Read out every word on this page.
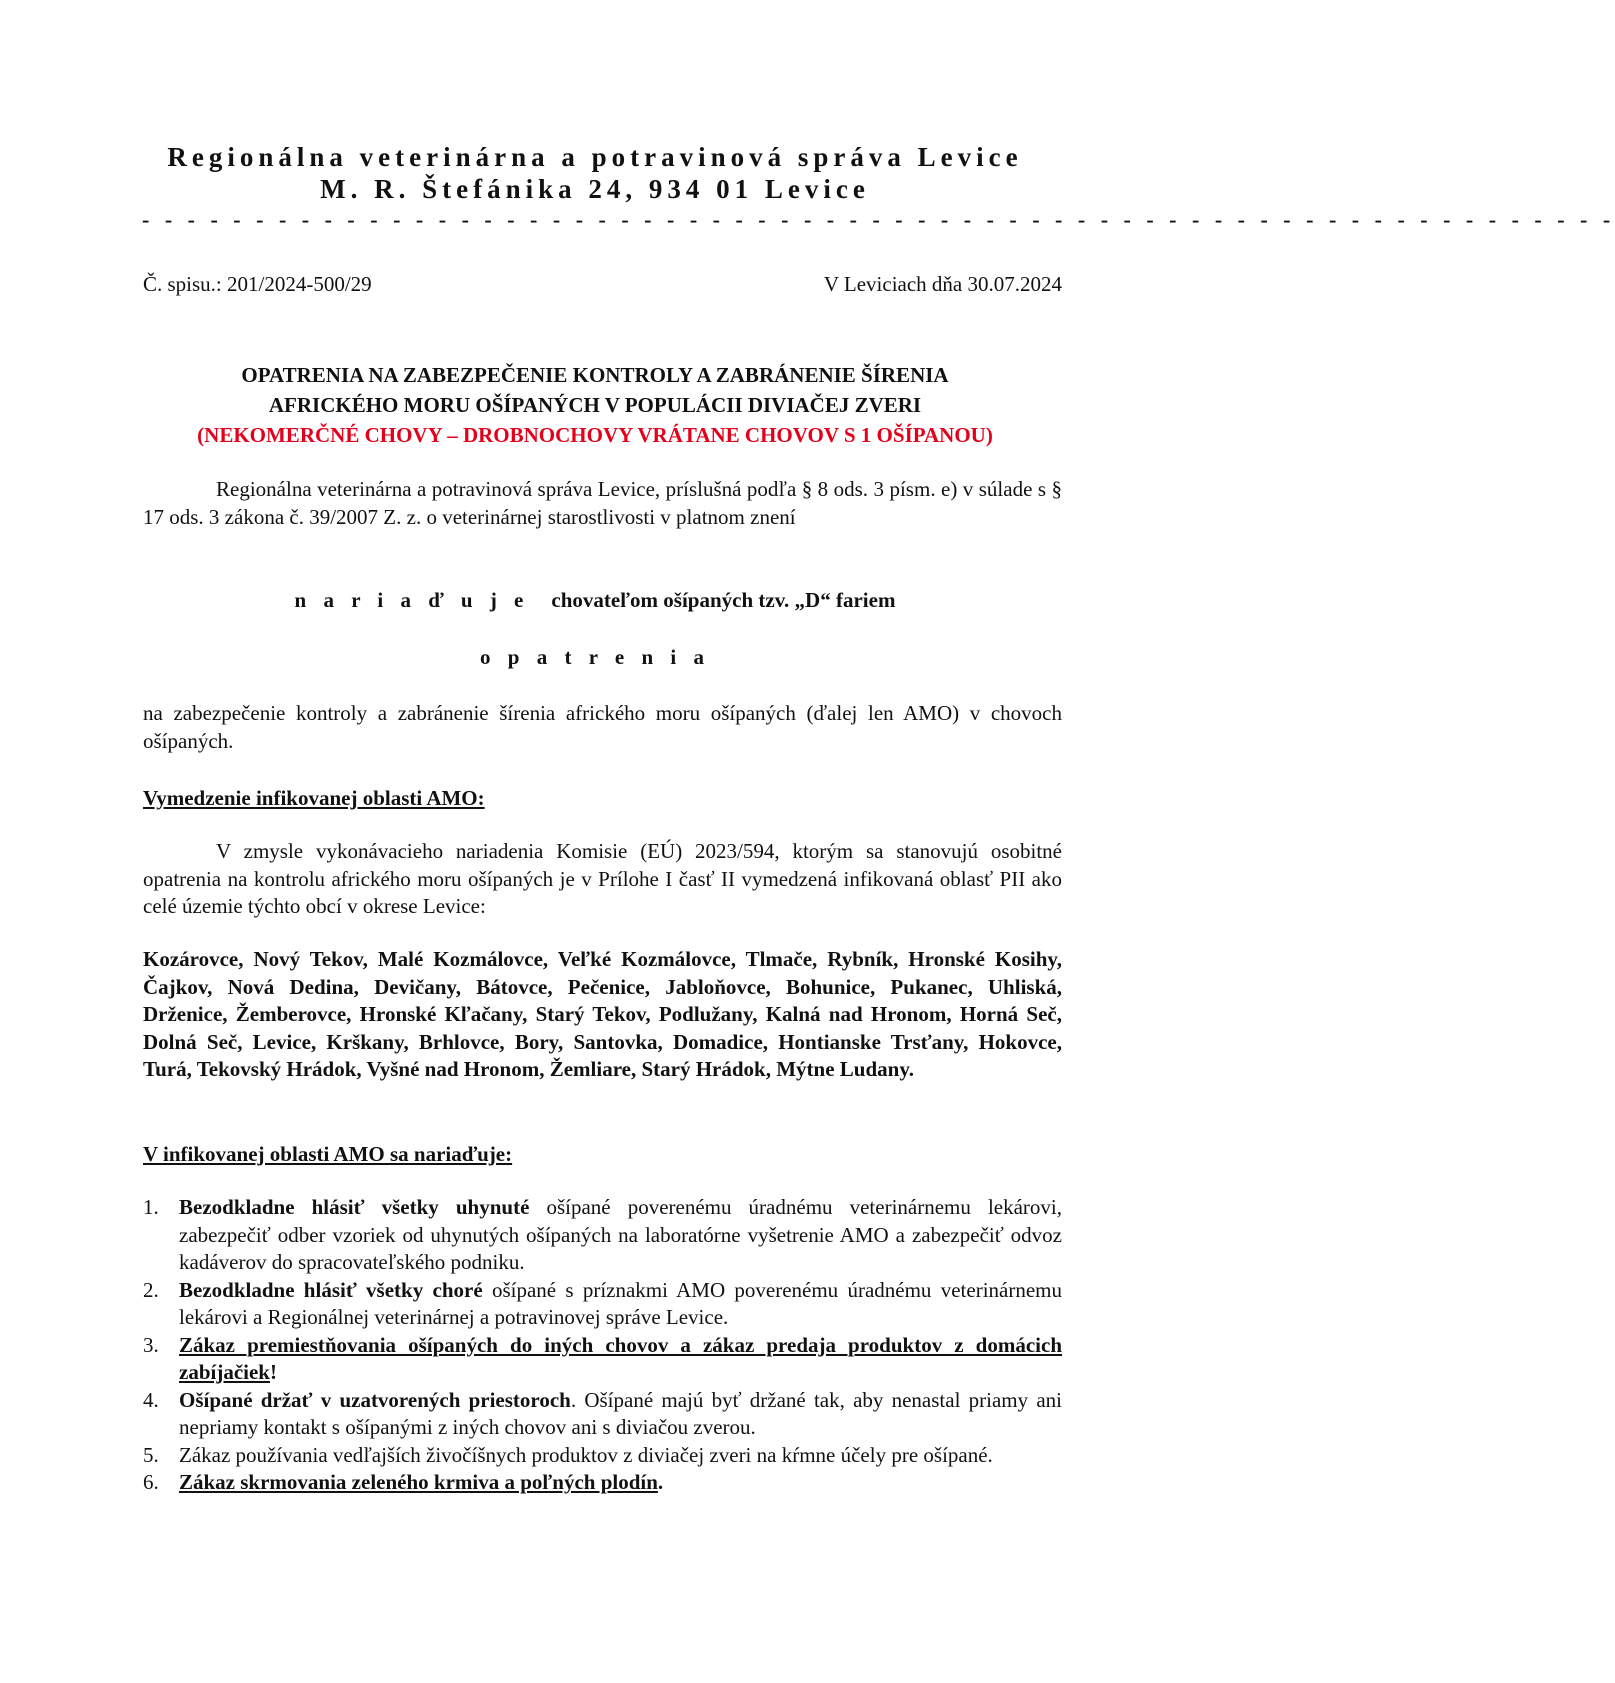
Regionálna veterinárna a potravinová správa Levice
M. R. Štefánika 24, 934 01 Levice
- - - - - - - - - - - - - - - - - - - - - - - - - - - - - - - - - - - - - - - - - - - - - - - - - - - - - - - - - - - - - - - - -
Č. spisu.: 201/2024-500/29	V Leviciach dňa 30.07.2024
OPATRENIA NA ZABEZPEČENIE KONTROLY A ZABRÁNENIE ŠÍRENIA
AFRICKÉHO MORU OŠÍPANÝCH V POPULÁCII DIVIAČEJ ZVERI
(NEKOMERČNÉ CHOVY – DROBNOCHOVY VRÁTANE CHOVOV S 1 OŠÍPANOU)
Regionálna veterinárna a potravinová správa Levice, príslušná podľa § 8 ods. 3 písm. e) v súlade s § 17 ods. 3 zákona č. 39/2007 Z. z. o veterinárnej starostlivosti v platnom znení
n a r i a ď u j e chovateľom ošípaných tzv. „D“ fariem
o p a t r e n i a
na zabezpečenie kontroly a zabránenie šírenia afrického moru ošípaných (ďalej len AMO) v chovoch ošípaných.
Vymedzenie infikovanej oblasti AMO:
V zmysle vykonávacieho nariadenia Komisie (EÚ) 2023/594, ktorým sa stanovujú osobitné opatrenia na kontrolu afrického moru ošípaných je v Prílohe I časť II vymedzená infikovaná oblasť PII ako celé územie týchto obcí v okrese Levice:
Kozárovce, Nový Tekov, Malé Kozmálovce, Veľké Kozmálovce, Tlmače, Rybník, Hronské Kosihy, Čajkov, Nová Dedina, Devičany, Bátovce, Pečenice, Jabloňovce, Bohunice, Pukanec, Uhliská, Drženice, Žemberovce, Hronské Kľačany, Starý Tekov, Podlužany, Kalná nad Hronom, Horná Seč, Dolná Seč, Levice, Krškany, Brhlovce, Bory, Santovka, Domadice, Hontianske Trsťany, Hokovce, Turá, Tekovský Hrádok, Vyšné nad Hronom, Žemliare, Starý Hrádok, Mýtne Ludany.
V infikovanej oblasti AMO sa nariaďuje:
1. Bezodkladne hlásiť všetky uhynuté ošípané poverenému úradnému veterinárnemu lekárovi, zabezpečiť odber vzoriek od uhynutých ošípaných na laboratórne vyšetrenie AMO a zabezpečiť odvoz kadáverov do spracovateľského podniku.
2. Bezodkladne hlásiť všetky choré ošípané s príznakmi AMO poverenému úradnému veterinárnemu lekárovi a Regionálnej veterinárnej a potravinovej správe Levice.
3. Zákaz premiestňovania ošípaných do iných chovov a zákaz predaja produktov z domácich zabíjačiek!
4. Ošípané držať v uzatvorených priestoroch. Ošípané majú byť držané tak, aby nenastal priamy ani nepriamy kontakt s ošípanými z iných chovov ani s diviačou zverou.
5. Zákaz používania vedľajších živočíšnych produktov z diviačej zveri na kŕmne účely pre ošípané.
6. Zákaz skrmovania zeleného krmiva a poľných plodín.
